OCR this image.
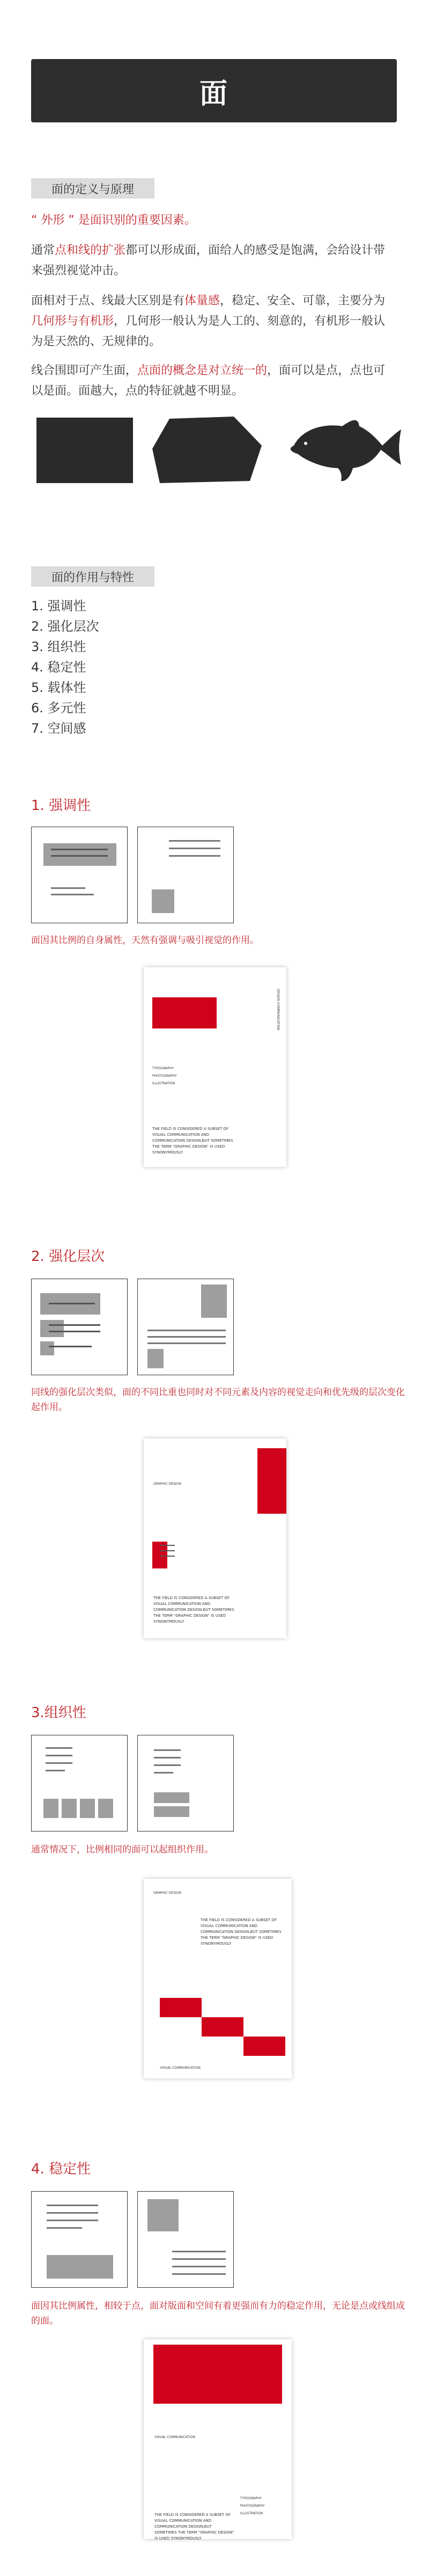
面
面的定义与原理
“ 外形 ” 是面识别的重要因素。
通常点和线的扩张都可以形成面，面给人的感受是饱满，会给设计带来强烈视觉冲击。
面相对于点、线最大区别是有体量感，稳定、安全、可靠，主要分为几何形与有机形，几何形一般认为是人工的、刻意的，有机形一般认为是天然的、无规律的。
线合围即可产生面，点面的概念是对立统一的，面可以是点，点也可以是面。面越大，点的特征就越不明显。
面的作用与特性
1. 强调性
2. 强化层次
3. 组织性
4. 稳定性
5. 载体性
6. 多元性
7. 空间感
1. 强调性
面因其比例的自身属性，天然有强调与吸引视觉的作用。
DESIGN COMMUNICATION
TYPOGRAPHY
PHOTOGRAPHY
ILLUSTRATION
THE FIELD IS CONSIDERED A SUBSET OF VISUAL COMMUNICATION AND COMMUNICATION DESIGN,BUT SOMETIMES THE TERM "GRAPHIC DESIGN" IS USED SYNONYMOUSLY
2. 强化层次
同线的强化层次类似，面的不同比重也同时对不同元素及内容的视觉走向和优先级的层次变化起作用。
GRAPHIC DESIGN
THE FIELD IS CONSIDERED A SUBSET OF VISUAL COMMUNICATION AND COMMUNICATION DESIGN,BUT SOMETIMES THE TERM "GRAPHIC DESIGN" IS USED SYNONYMOUSLY
3.组织性
通常情况下，比例相同的面可以起组织作用。
GRAPHIC DESIGN
THE FIELD IS CONSIDERED A SUBSET OF VISUAL COMMUNICATION AND COMMUNICATION DESIGN,BUT SOMETIMES THE TERM "GRAPHIC DESIGN" IS USED SYNONYMOUSLY
VISUAL COMMUNICATION
4. 稳定性
面因其比例属性，相较于点，面对版面和空间有着更强而有力的稳定作用，无论是点或线组成的面。
VISUAL COMMUNICATION
TYPOGRAPHY
PHOTOGRAPHY
ILLUSTRATION
THE FIELD IS CONSIDERED A SUBSET OF VISUAL COMMUNICATION AND COMMUNICATION DESIGN,BUT SOMETIMES THE TERM "GRAPHIC DESIGN" IS USED SYNONYMOUSLY
